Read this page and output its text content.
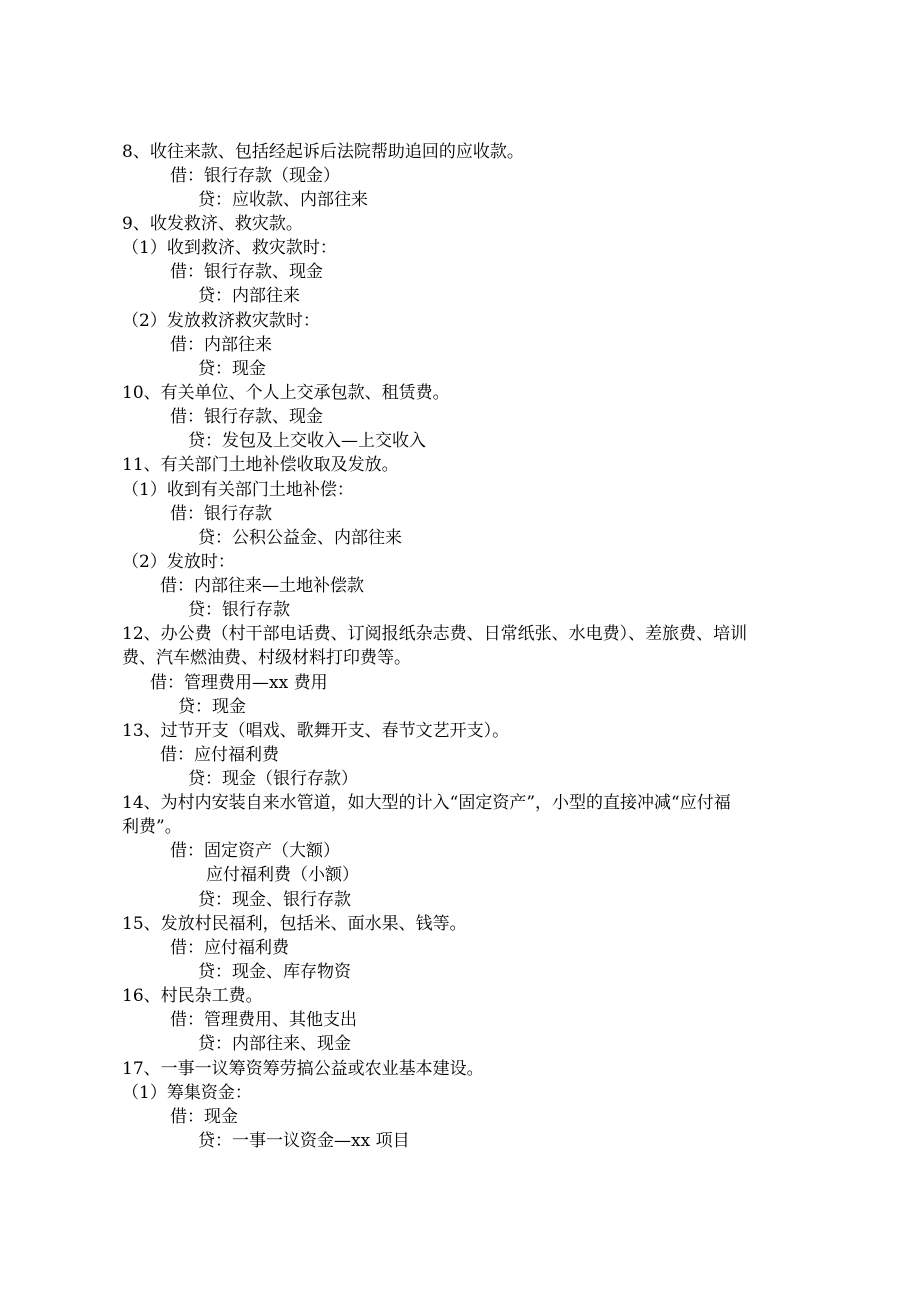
8、收往来款、包括经起诉后法院帮助追回的应收款。
借：银行存款（现金）
贷：应收款、内部往来
9、收发救济、救灾款。
（1）收到救济、救灾款时：
借：银行存款、现金
贷：内部往来
（2）发放救济救灾款时：
借：内部往来
贷：现金
10、有关单位、个人上交承包款、租赁费。
借：银行存款、现金
贷：发包及上交收入—上交收入
11、有关部门土地补偿收取及发放。
（1）收到有关部门土地补偿：
借：银行存款
贷：公积公益金、内部往来
（2）发放时：
借：内部往来—土地补偿款
贷：银行存款
12、办公费（村干部电话费、订阅报纸杂志费、日常纸张、水电费）、差旅费、培训
费、汽车燃油费、村级材料打印费等。
借：管理费用—xx 费用
贷：现金
13、过节开支（唱戏、歌舞开支、春节文艺开支）。
借：应付福利费
贷：现金（银行存款）
14、为村内安装自来水管道，如大型的计入“固定资产”，小型的直接冲减“应付福
利费”。
借：固定资产（大额）
应付福利费（小额）
贷：现金、银行存款
15、发放村民福利，包括米、面水果、钱等。
借：应付福利费
贷：现金、库存物资
16、村民杂工费。
借：管理费用、其他支出
贷：内部往来、现金
17、一事一议筹资筹劳搞公益或农业基本建设。
（1）筹集资金：
借：现金
贷：一事一议资金—xx 项目
